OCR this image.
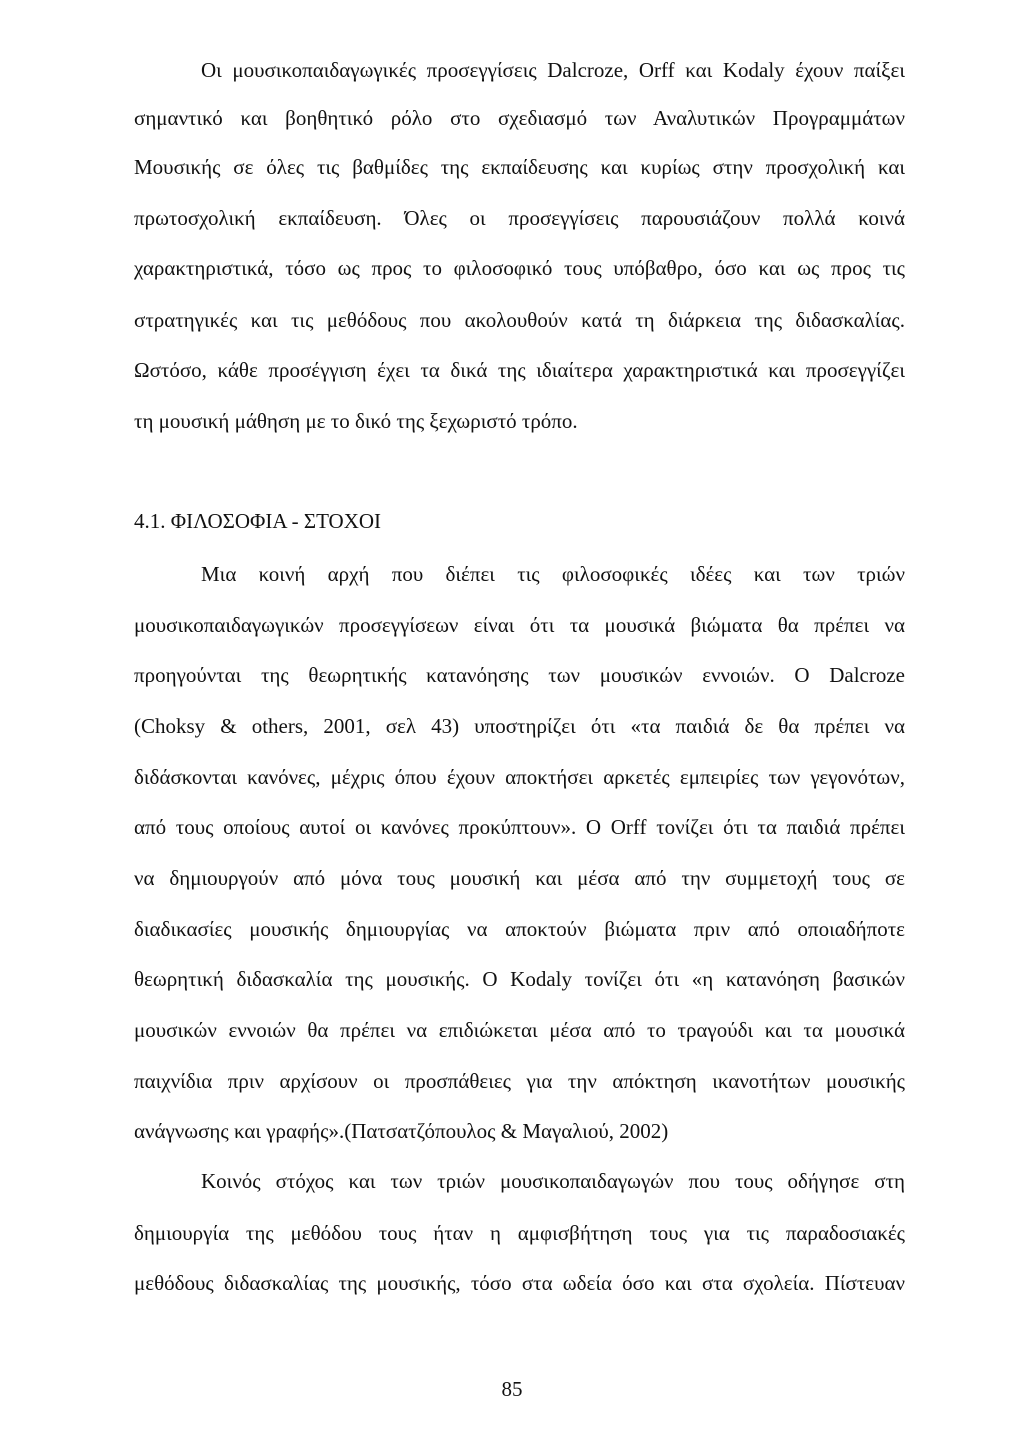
Οι μουσικοπαιδαγωγικές προσεγγίσεις Dalcroze, Orff και Kodaly έχουν παίξει
σημαντικό και βοηθητικό ρόλο στο σχεδιασμό των Αναλυτικών Προγραμμάτων
Μουσικής σε όλες τις βαθμίδες της εκπαίδευσης και κυρίως στην προσχολική και
πρωτοσχολική εκπαίδευση. Όλες οι προσεγγίσεις παρουσιάζουν πολλά κοινά
χαρακτηριστικά, τόσο ως προς το φιλοσοφικό τους υπόβαθρο, όσο και ως προς τις
στρατηγικές και τις μεθόδους που ακολουθούν κατά τη διάρκεια της διδασκαλίας.
Ωστόσο, κάθε προσέγγιση έχει τα δικά της ιδιαίτερα χαρακτηριστικά και προσεγγίζει
τη μουσική μάθηση με το δικό της ξεχωριστό τρόπο.
4.1. ΦΙΛΟΣΟΦΙΑ - ΣΤΟΧΟΙ
Μια κοινή αρχή που διέπει τις φιλοσοφικές ιδέες και των τριών
μουσικοπαιδαγωγικών προσεγγίσεων είναι ότι τα μουσικά βιώματα θα πρέπει να
προηγούνται της θεωρητικής κατανόησης των μουσικών εννοιών. Ο Dalcroze
(Choksy & others, 2001, σελ 43) υποστηρίζει ότι «τα παιδιά δε θα πρέπει να
διδάσκονται κανόνες, μέχρις όπου έχουν αποκτήσει αρκετές εμπειρίες των γεγονότων,
από τους οποίους αυτοί οι κανόνες προκύπτουν». Ο Orff τονίζει ότι τα παιδιά πρέπει
να δημιουργούν από μόνα τους μουσική και μέσα από την συμμετοχή τους σε
διαδικασίες μουσικής δημιουργίας να αποκτούν βιώματα πριν από οποιαδήποτε
θεωρητική διδασκαλία της μουσικής. Ο Kodaly τονίζει ότι «η κατανόηση βασικών
μουσικών εννοιών θα πρέπει να επιδιώκεται μέσα από το τραγούδι και τα μουσικά
παιχνίδια πριν αρχίσουν οι προσπάθειες για την απόκτηση ικανοτήτων μουσικής
ανάγνωσης και γραφής».(Πατσατζόπουλος & Μαγαλιού, 2002)
Κοινός στόχος και των τριών μουσικοπαιδαγωγών που τους οδήγησε στη
δημιουργία της μεθόδου τους ήταν η αμφισβήτηση τους για τις παραδοσιακές
μεθόδους διδασκαλίας της μουσικής, τόσο στα ωδεία όσο και στα σχολεία. Πίστευαν
85
